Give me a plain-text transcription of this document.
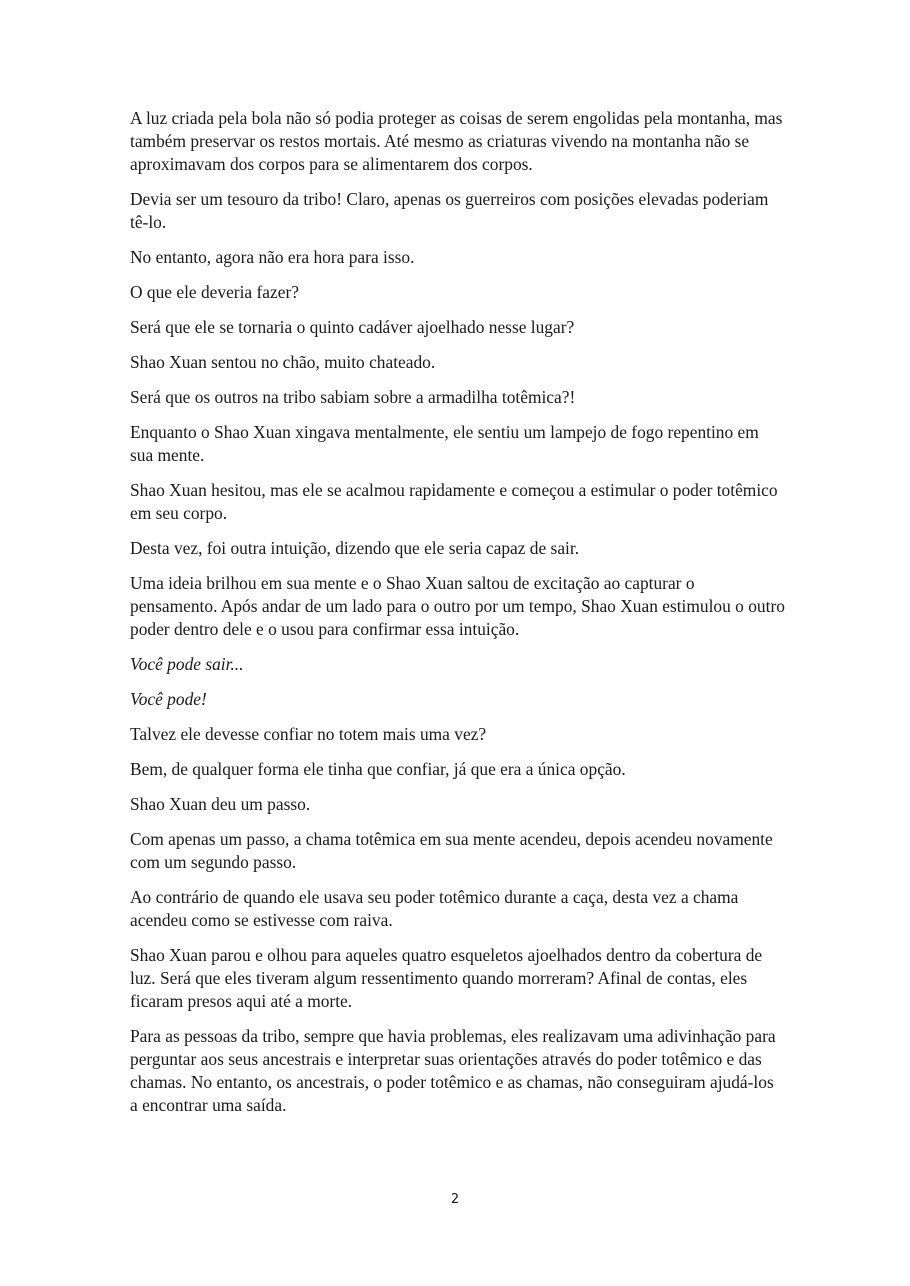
A luz criada pela bola não só podia proteger as coisas de serem engolidas pela montanha, mas também preservar os restos mortais. Até mesmo as criaturas vivendo na montanha não se aproximavam dos corpos para se alimentarem dos corpos.

Devia ser um tesouro da tribo! Claro, apenas os guerreiros com posições elevadas poderiam tê-lo.

No entanto, agora não era hora para isso.

O que ele deveria fazer?

Será que ele se tornaria o quinto cadáver ajoelhado nesse lugar?

Shao Xuan sentou no chão, muito chateado.

Será que os outros na tribo sabiam sobre a armadilha totêmica?!

Enquanto o Shao Xuan xingava mentalmente, ele sentiu um lampejo de fogo repentino em sua mente.

Shao Xuan hesitou, mas ele se acalmou rapidamente e começou a estimular o poder totêmico em seu corpo.

Desta vez, foi outra intuição, dizendo que ele seria capaz de sair.

Uma ideia brilhou em sua mente e o Shao Xuan saltou de excitação ao capturar o pensamento. Após andar de um lado para o outro por um tempo, Shao Xuan estimulou o outro poder dentro dele e o usou para confirmar essa intuição.

Você pode sair...

Você pode!

Talvez ele devesse confiar no totem mais uma vez?

Bem, de qualquer forma ele tinha que confiar, já que era a única opção.

Shao Xuan deu um passo.

Com apenas um passo, a chama totêmica em sua mente acendeu, depois acendeu novamente com um segundo passo.

Ao contrário de quando ele usava seu poder totêmico durante a caça, desta vez a chama acendeu como se estivesse com raiva.

Shao Xuan parou e olhou para aqueles quatro esqueletos ajoelhados dentro da cobertura de luz. Será que eles tiveram algum ressentimento quando morreram? Afinal de contas, eles ficaram presos aqui até a morte.

Para as pessoas da tribo, sempre que havia problemas, eles realizavam uma adivinhação para perguntar aos seus ancestrais e interpretar suas orientações através do poder totêmico e das chamas. No entanto, os ancestrais, o poder totêmico e as chamas, não conseguiram ajudá-los a encontrar uma saída.

2
